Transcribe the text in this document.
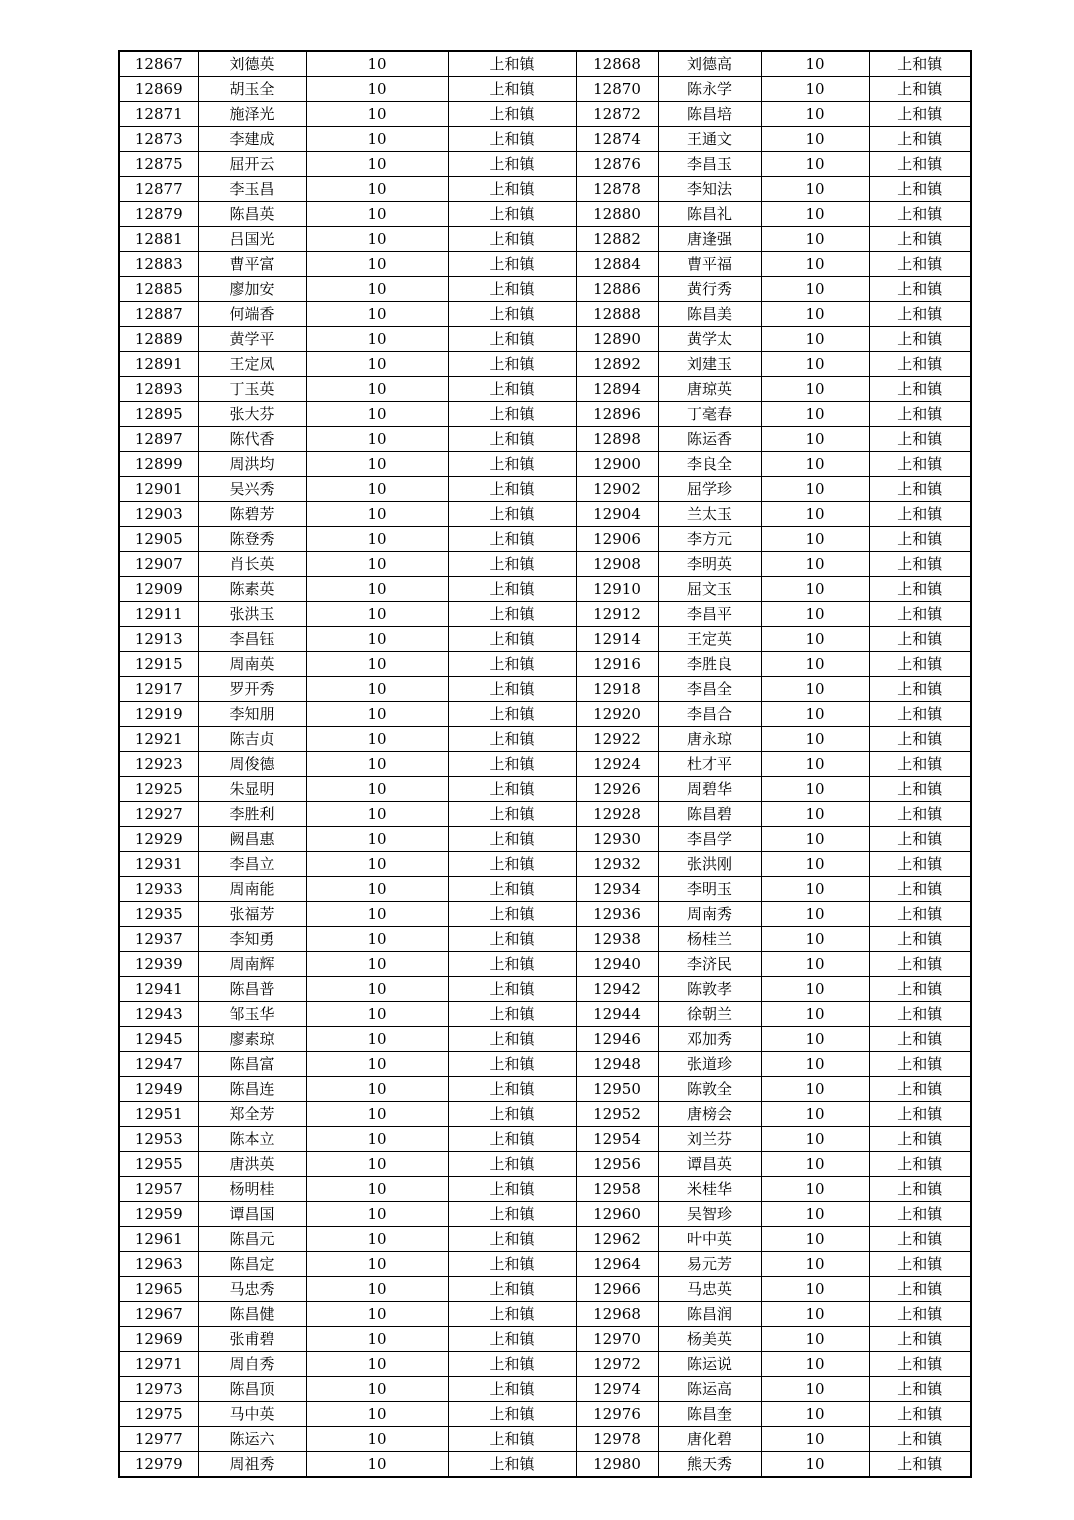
12867	刘德英	10	上和镇	12868	刘德高	10	上和镇
12869	胡玉全	10	上和镇	12870	陈永学	10	上和镇
12871	施泽光	10	上和镇	12872	陈昌培	10	上和镇
12873	李建成	10	上和镇	12874	王通文	10	上和镇
12875	屈开云	10	上和镇	12876	李昌玉	10	上和镇
12877	李玉昌	10	上和镇	12878	李知法	10	上和镇
12879	陈昌英	10	上和镇	12880	陈昌礼	10	上和镇
12881	吕国光	10	上和镇	12882	唐逢强	10	上和镇
12883	曹平富	10	上和镇	12884	曹平福	10	上和镇
12885	廖加安	10	上和镇	12886	黄行秀	10	上和镇
12887	何端香	10	上和镇	12888	陈昌美	10	上和镇
12889	黄学平	10	上和镇	12890	黄学太	10	上和镇
12891	王定凤	10	上和镇	12892	刘建玉	10	上和镇
12893	丁玉英	10	上和镇	12894	唐琼英	10	上和镇
12895	张大芬	10	上和镇	12896	丁毫春	10	上和镇
12897	陈代香	10	上和镇	12898	陈运香	10	上和镇
12899	周洪均	10	上和镇	12900	李良全	10	上和镇
12901	吴兴秀	10	上和镇	12902	屈学珍	10	上和镇
12903	陈碧芳	10	上和镇	12904	兰太玉	10	上和镇
12905	陈登秀	10	上和镇	12906	李方元	10	上和镇
12907	肖长英	10	上和镇	12908	李明英	10	上和镇
12909	陈素英	10	上和镇	12910	屈文玉	10	上和镇
12911	张洪玉	10	上和镇	12912	李昌平	10	上和镇
12913	李昌钰	10	上和镇	12914	王定英	10	上和镇
12915	周南英	10	上和镇	12916	李胜良	10	上和镇
12917	罗开秀	10	上和镇	12918	李昌全	10	上和镇
12919	李知朋	10	上和镇	12920	李昌合	10	上和镇
12921	陈吉贞	10	上和镇	12922	唐永琼	10	上和镇
12923	周俊德	10	上和镇	12924	杜才平	10	上和镇
12925	朱显明	10	上和镇	12926	周碧华	10	上和镇
12927	李胜利	10	上和镇	12928	陈昌碧	10	上和镇
12929	阙昌惠	10	上和镇	12930	李昌学	10	上和镇
12931	李昌立	10	上和镇	12932	张洪刚	10	上和镇
12933	周南能	10	上和镇	12934	李明玉	10	上和镇
12935	张福芳	10	上和镇	12936	周南秀	10	上和镇
12937	李知勇	10	上和镇	12938	杨桂兰	10	上和镇
12939	周南辉	10	上和镇	12940	李济民	10	上和镇
12941	陈昌普	10	上和镇	12942	陈敦孝	10	上和镇
12943	邹玉华	10	上和镇	12944	徐朝兰	10	上和镇
12945	廖素琼	10	上和镇	12946	邓加秀	10	上和镇
12947	陈昌富	10	上和镇	12948	张道珍	10	上和镇
12949	陈昌连	10	上和镇	12950	陈敦全	10	上和镇
12951	郑全芳	10	上和镇	12952	唐榜会	10	上和镇
12953	陈本立	10	上和镇	12954	刘兰芬	10	上和镇
12955	唐洪英	10	上和镇	12956	谭昌英	10	上和镇
12957	杨明桂	10	上和镇	12958	米桂华	10	上和镇
12959	谭昌国	10	上和镇	12960	吴智珍	10	上和镇
12961	陈昌元	10	上和镇	12962	叶中英	10	上和镇
12963	陈昌定	10	上和镇	12964	易元芳	10	上和镇
12965	马忠秀	10	上和镇	12966	马忠英	10	上和镇
12967	陈昌健	10	上和镇	12968	陈昌润	10	上和镇
12969	张甫碧	10	上和镇	12970	杨美英	10	上和镇
12971	周自秀	10	上和镇	12972	陈运说	10	上和镇
12973	陈昌顶	10	上和镇	12974	陈运高	10	上和镇
12975	马中英	10	上和镇	12976	陈昌奎	10	上和镇
12977	陈运六	10	上和镇	12978	唐化碧	10	上和镇
12979	周祖秀	10	上和镇	12980	熊天秀	10	上和镇
